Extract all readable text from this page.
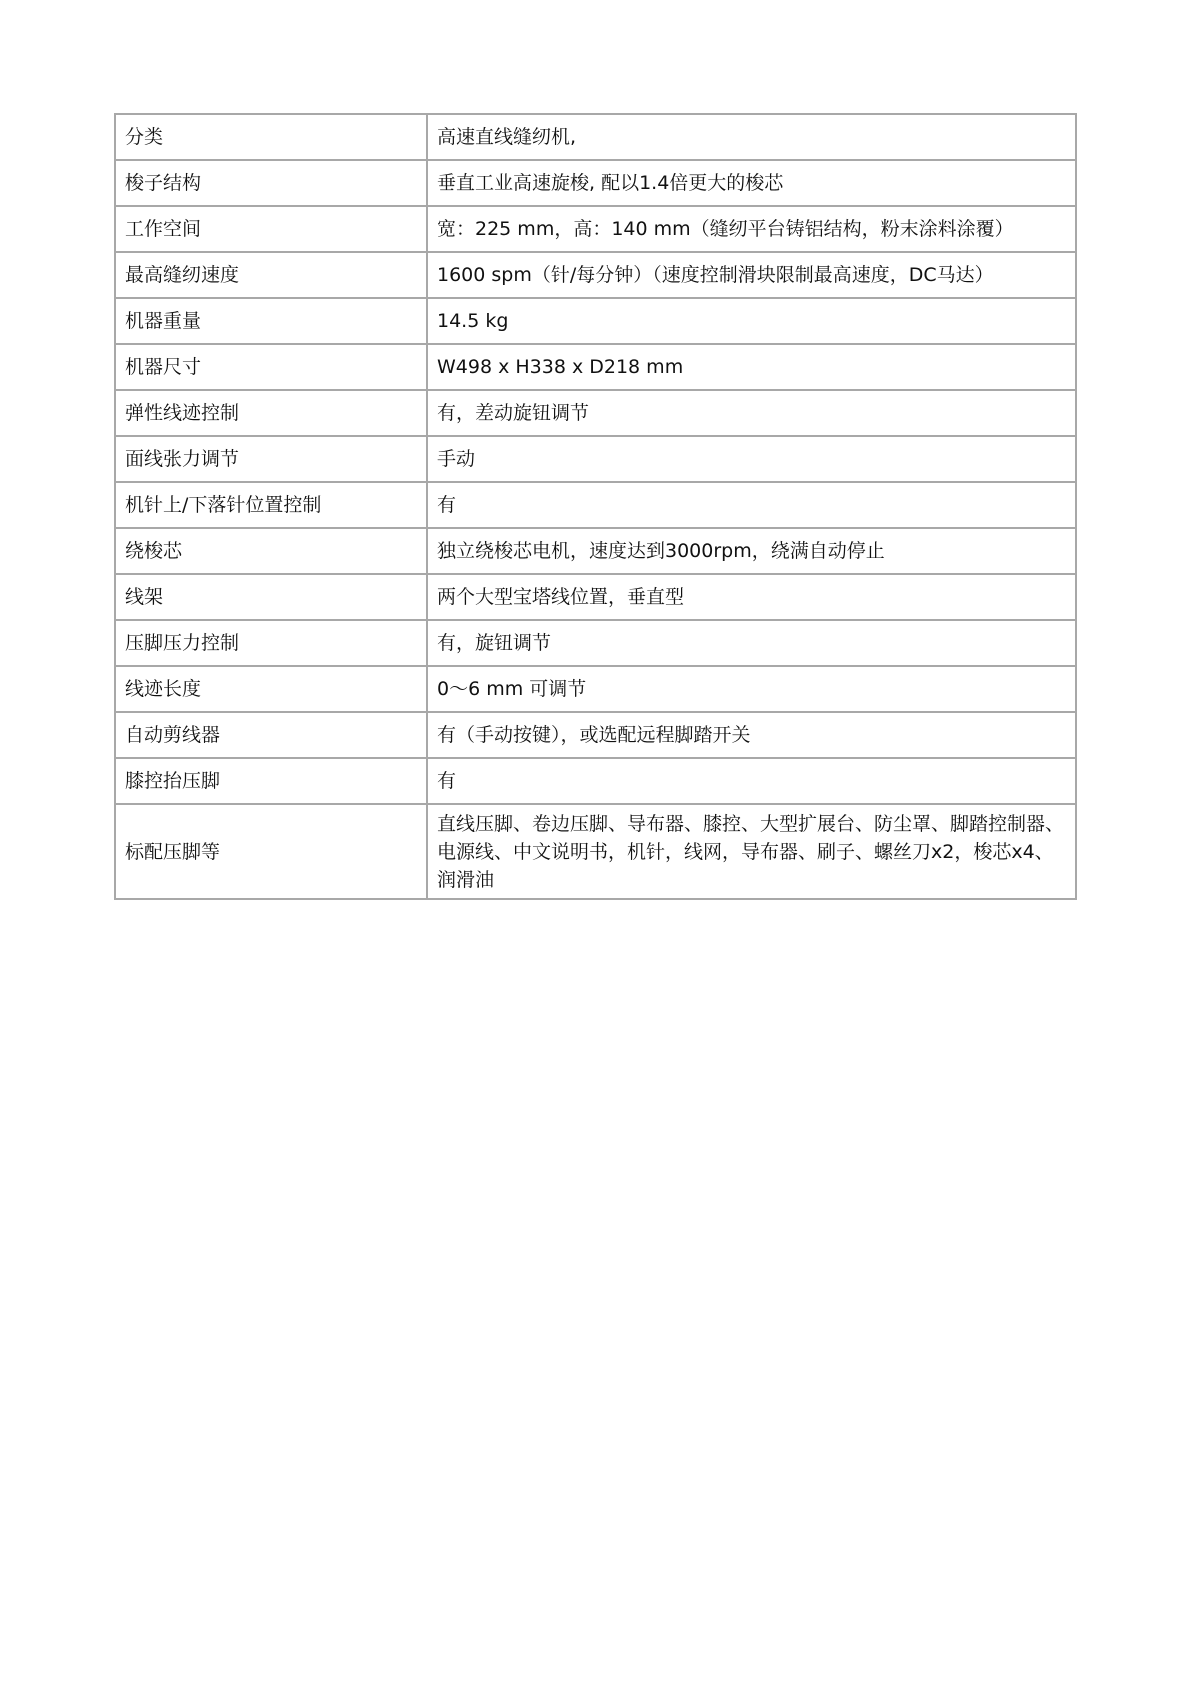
分类	高速直线缝纫机,
梭子结构	垂直工业高速旋梭, 配以1.4倍更大的梭芯
工作空间	宽：225 mm，高：140 mm（缝纫平台铸铝结构，粉末涂料涂覆）
最高缝纫速度	1600 spm（针/每分钟）（速度控制滑块限制最高速度，DC马达）
机器重量	14.5 kg
机器尺寸	W498 x H338 x D218 mm
弹性线迹控制	有，差动旋钮调节
面线张力调节	手动
机针上/下落针位置控制	有
绕梭芯	独立绕梭芯电机，速度达到3000rpm，绕满自动停止
线架	两个大型宝塔线位置，垂直型
压脚压力控制	有，旋钮调节
线迹长度	0～6 mm 可调节
自动剪线器	有（手动按键），或选配远程脚踏开关
膝控抬压脚	有
标配压脚等	直线压脚、卷边压脚、导布器、膝控、大型扩展台、防尘罩、脚踏控制器、电源线、中文说明书，机针，线网，导布器、刷子、螺丝刀x2，梭芯x4、润滑油
